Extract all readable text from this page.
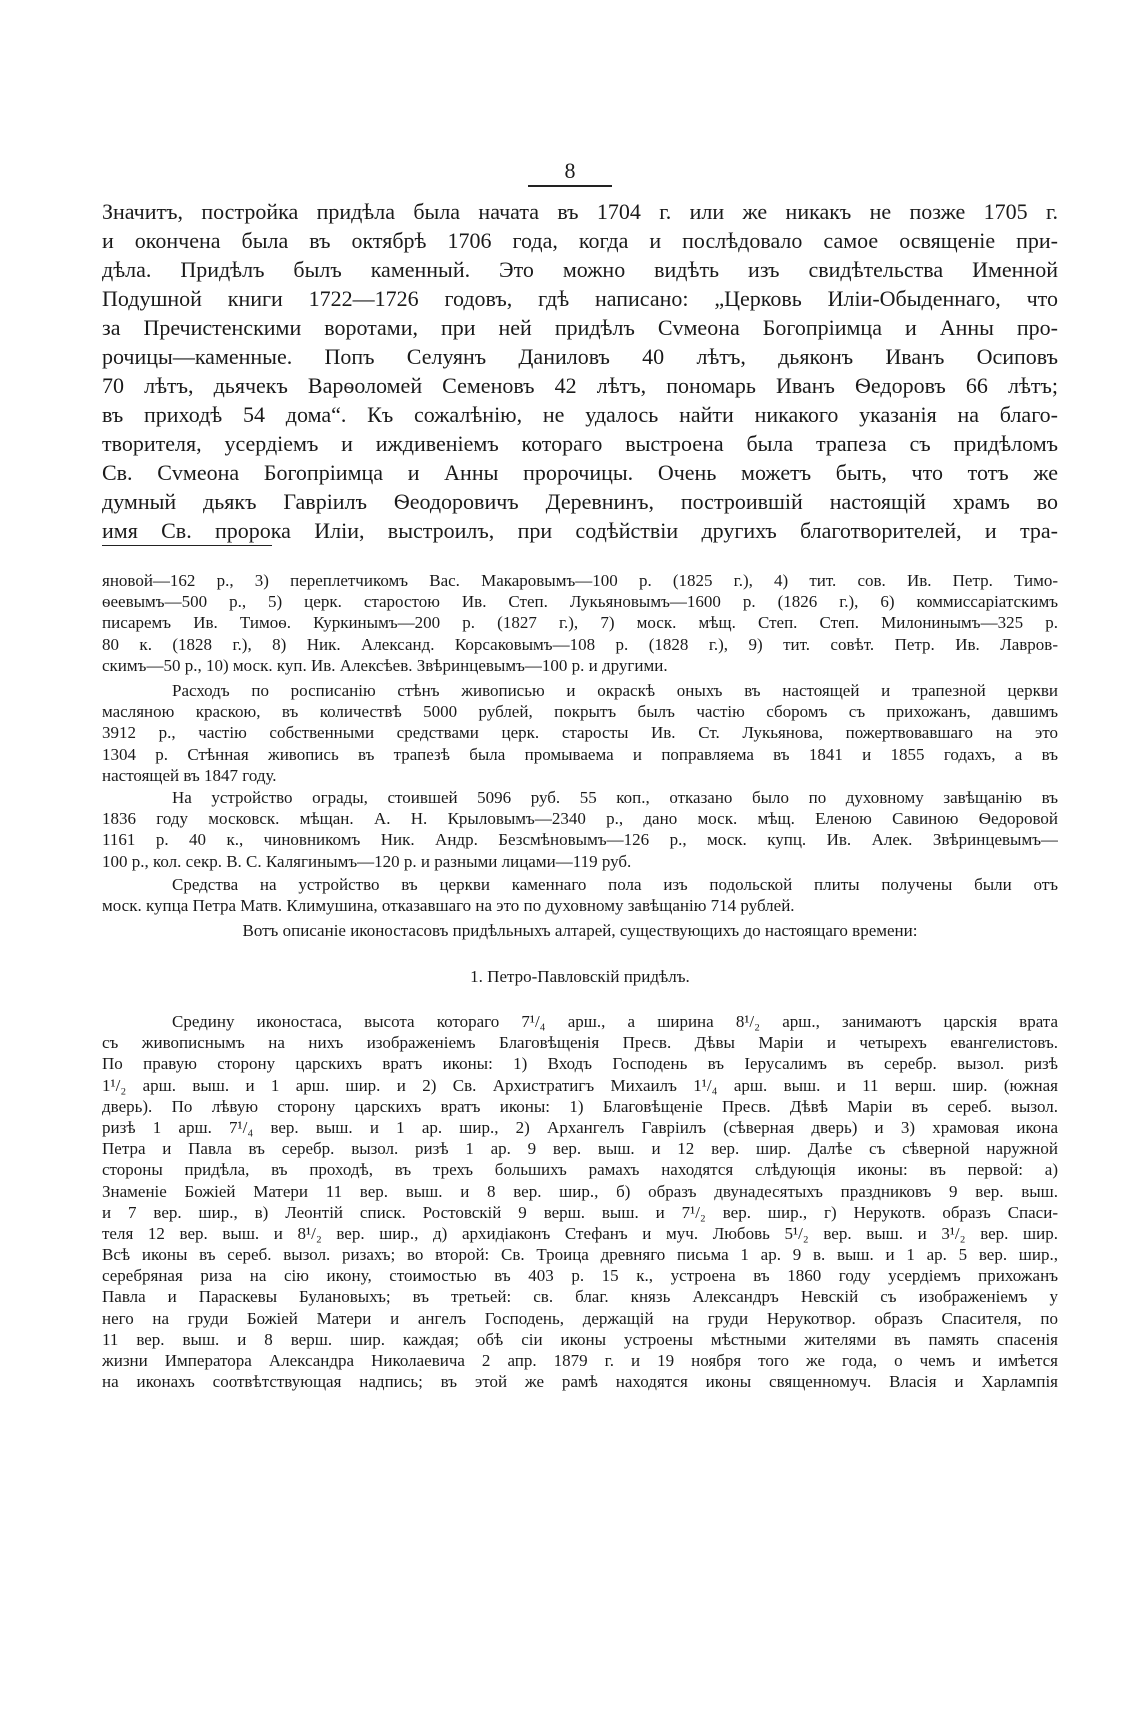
8
Значитъ, постройка придѣла была начата въ 1704 г. или же никакъ не позже 1705 г.
и окончена была въ октябрѣ 1706 года, когда и послѣдовало самое освященіе при-
дѣла. Придѣлъ былъ каменный. Это можно видѣть изъ свидѣтельства Именной
Подушной книги 1722—1726 годовъ, гдѣ написано: „Церковь Иліи-Обыденнаго, что
за Пречистенскими воротами, при ней придѣлъ Сvмеона Богопріимца и Анны про-
рочицы—каменные. Попъ Селуянъ Даниловъ 40 лѣтъ, дьяконъ Иванъ Осиповъ
70 лѣтъ, дьячекъ Варѳоломей Семеновъ 42 лѣтъ, пономарь Иванъ Ѳедоровъ 66 лѣтъ;
въ приходѣ 54 дома“. Къ сожалѣнію, не удалось найти никакого указанія на благо-
творителя, усердіемъ и иждивеніемъ котораго выстроена была трапеза съ придѣломъ
Св. Сvмеона Богопріимца и Анны пророчицы. Очень можетъ быть, что тотъ же
думный дьякъ Гавріилъ Ѳеодоровичъ Деревнинъ, построившій настоящій храмъ во
имя Св. пророка Иліи, выстроилъ, при содѣйствіи другихъ благотворителей, и тра-
яновой—162 р., 3) переплетчикомъ Вас. Макаровымъ—100 р. (1825 г.), 4) тит. сов. Ив. Петр. Тимо-
ѳеевымъ—500 р., 5) церк. старостою Ив. Степ. Лукьяновымъ—1600 р. (1826 г.), 6) коммиссаріатскимъ
писаремъ Ив. Тимоѳ. Куркинымъ—200 р. (1827 г.), 7) моск. мѣщ. Степ. Степ. Милонинымъ—325 р.
80 к. (1828 г.), 8) Ник. Александ. Корсаковымъ—108 р. (1828 г.), 9) тит. совѣт. Петр. Ив. Лавров-
скимъ—50 р., 10) моск. куп. Ив. Алексѣев. Звѣринцевымъ—100 р. и другими.
Расходъ по росписанію стѣнъ живописью и окраскѣ оныхъ въ настоящей и трапезной церкви
масляною краскою, въ количествѣ 5000 рублей, покрытъ былъ частію сборомъ съ прихожанъ, давшимъ
3912 р., частію собственными средствами церк. старосты Ив. Ст. Лукьянова, пожертвовавшаго на это
1304 р. Стѣнная живопись въ трапезѣ была промываема и поправляема въ 1841 и 1855 годахъ, а въ
настоящей въ 1847 году.
На устройство ограды, стоившей 5096 руб. 55 коп., отказано было по духовному завѣщанію въ
1836 году московск. мѣщан. А. Н. Крыловымъ—2340 р., дано моск. мѣщ. Еленою Савиною Ѳедоровой
1161 р. 40 к., чиновникомъ Ник. Андр. Безсмѣновымъ—126 р., моск. купц. Ив. Алек. Звѣринцевымъ—
100 р., кол. секр. В. С. Калягинымъ—120 р. и разными лицами—119 руб.
Средства на устройство въ церкви каменнаго пола изъ подольской плиты получены были отъ
моск. купца Петра Матв. Климушина, отказавшаго на это по духовному завѣщанію 714 рублей.
Вотъ описаніе иконостасовъ придѣльныхъ алтарей, существующихъ до настоящаго времени:
1. Петро-Павловскій придѣлъ.
Средину иконостаса, высота котораго 7¹/₄ арш., а ширина 8¹/₂ арш., занимаютъ царскія врата
съ живописнымъ на нихъ изображеніемъ Благовѣщенія Пресв. Дѣвы Маріи и четырехъ евангелистовъ.
По правую сторону царскихъ вратъ иконы: 1) Входъ Господень въ Іерусалимъ въ серебр. вызол. ризѣ
1¹/₂ арш. выш. и 1 арш. шир. и 2) Св. Архистратигъ Михаилъ 1¹/₄ арш. выш. и 11 верш. шир. (южная
дверь). По лѣвую сторону царскихъ вратъ иконы: 1) Благовѣщеніе Пресв. Дѣвѣ Маріи въ сереб. вызол.
ризѣ 1 арш. 7¹/₄ вер. выш. и 1 ар. шир., 2) Архангелъ Гавріилъ (сѣверная дверь) и 3) храмовая икона
Петра и Павла въ серебр. вызол. ризѣ 1 ар. 9 вер. выш. и 12 вер. шир. Далѣе съ сѣверной наружной
стороны придѣла, въ проходѣ, въ трехъ большихъ рамахъ находятся слѣдующія иконы: въ первой: а)
Знаменіе Божіей Матери 11 вер. выш. и 8 вер. шир., б) образъ двунадесятыхъ праздниковъ 9 вер. выш.
и 7 вер. шир., в) Леонтій списк. Ростовскій 9 верш. выш. и 7¹/₂ вер. шир., г) Нерукотв. образъ Спаси-
теля 12 вер. выш. и 8¹/₂ вер. шир., д) архидіаконъ Стефанъ и муч. Любовь 5¹/₂ вер. выш. и 3¹/₂ вер. шир.
Всѣ иконы въ сереб. вызол. ризахъ; во второй: Св. Троица древняго письма 1 ар. 9 в. выш. и 1 ар. 5 вер. шир.,
серебряная риза на сію икону, стоимостью въ 403 р. 15 к., устроена въ 1860 году усердіемъ прихожанъ
Павла и Параскевы Булановыхъ; въ третьей: св. благ. князь Александръ Невскій съ изображеніемъ у
него на груди Божіей Матери и ангелъ Господень, держащій на груди Нерукотвор. образъ Спасителя, по
11 вер. выш. и 8 верш. шир. каждая; обѣ сіи иконы устроены мѣстными жителями въ память спасенія
жизни Императора Александра Николаевича 2 апр. 1879 г. и 19 ноября того же года, о чемъ и имѣется
на иконахъ соотвѣтствующая надпись; въ этой же рамѣ находятся иконы священномуч. Власія и Харлампія
